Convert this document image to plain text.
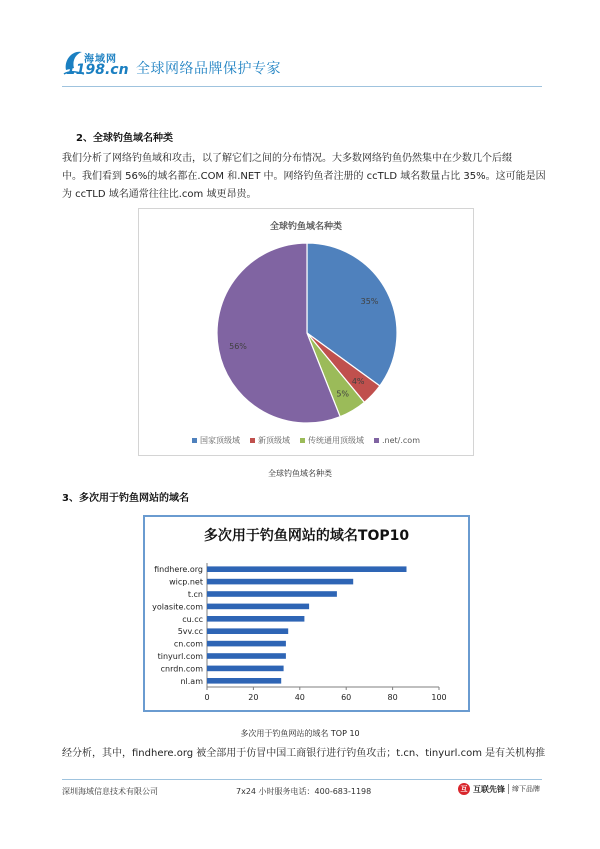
海域网
1198.cn 全球网络品牌保护专家
2、全球钓鱼域名种类
我们分析了网络钓鱼域和攻击，以了解它们之间的分布情况。大多数网络钓鱼仍然集中在少数几个后缀
中。我们看到 56%的域名都在.COM 和.NET 中。网络钓鱼者注册的 ccTLD 域名数量占比 35%。这可能是因
为 ccTLD 域名通常往往比.com 域更昂贵。
全球钓鱼域名种类
35%
4%
5%
56%
国家顶级域 新顶级域 传统通用顶级域 .net/.com
全球钓鱼域名种类
3、多次用于钓鱼网站的域名
多次用于钓鱼网站的域名TOP10
findhere.org
wicp.net
t.cn
yolasite.com
cu.cc
5vv.cc
cn.com
tinyurl.com
cnrdn.com
nl.am
0	20	40	60	80	100
多次用于钓鱼网站的域名 TOP 10
经分析，其中，findhere.org 被全部用于仿冒中国工商银行进行钓鱼攻击；t.cn、tinyurl.com 是有关机构推
深圳海域信息技术有限公司	7x24 小时服务电话：400-683-1198	互 互联先锋 缔下品牌
